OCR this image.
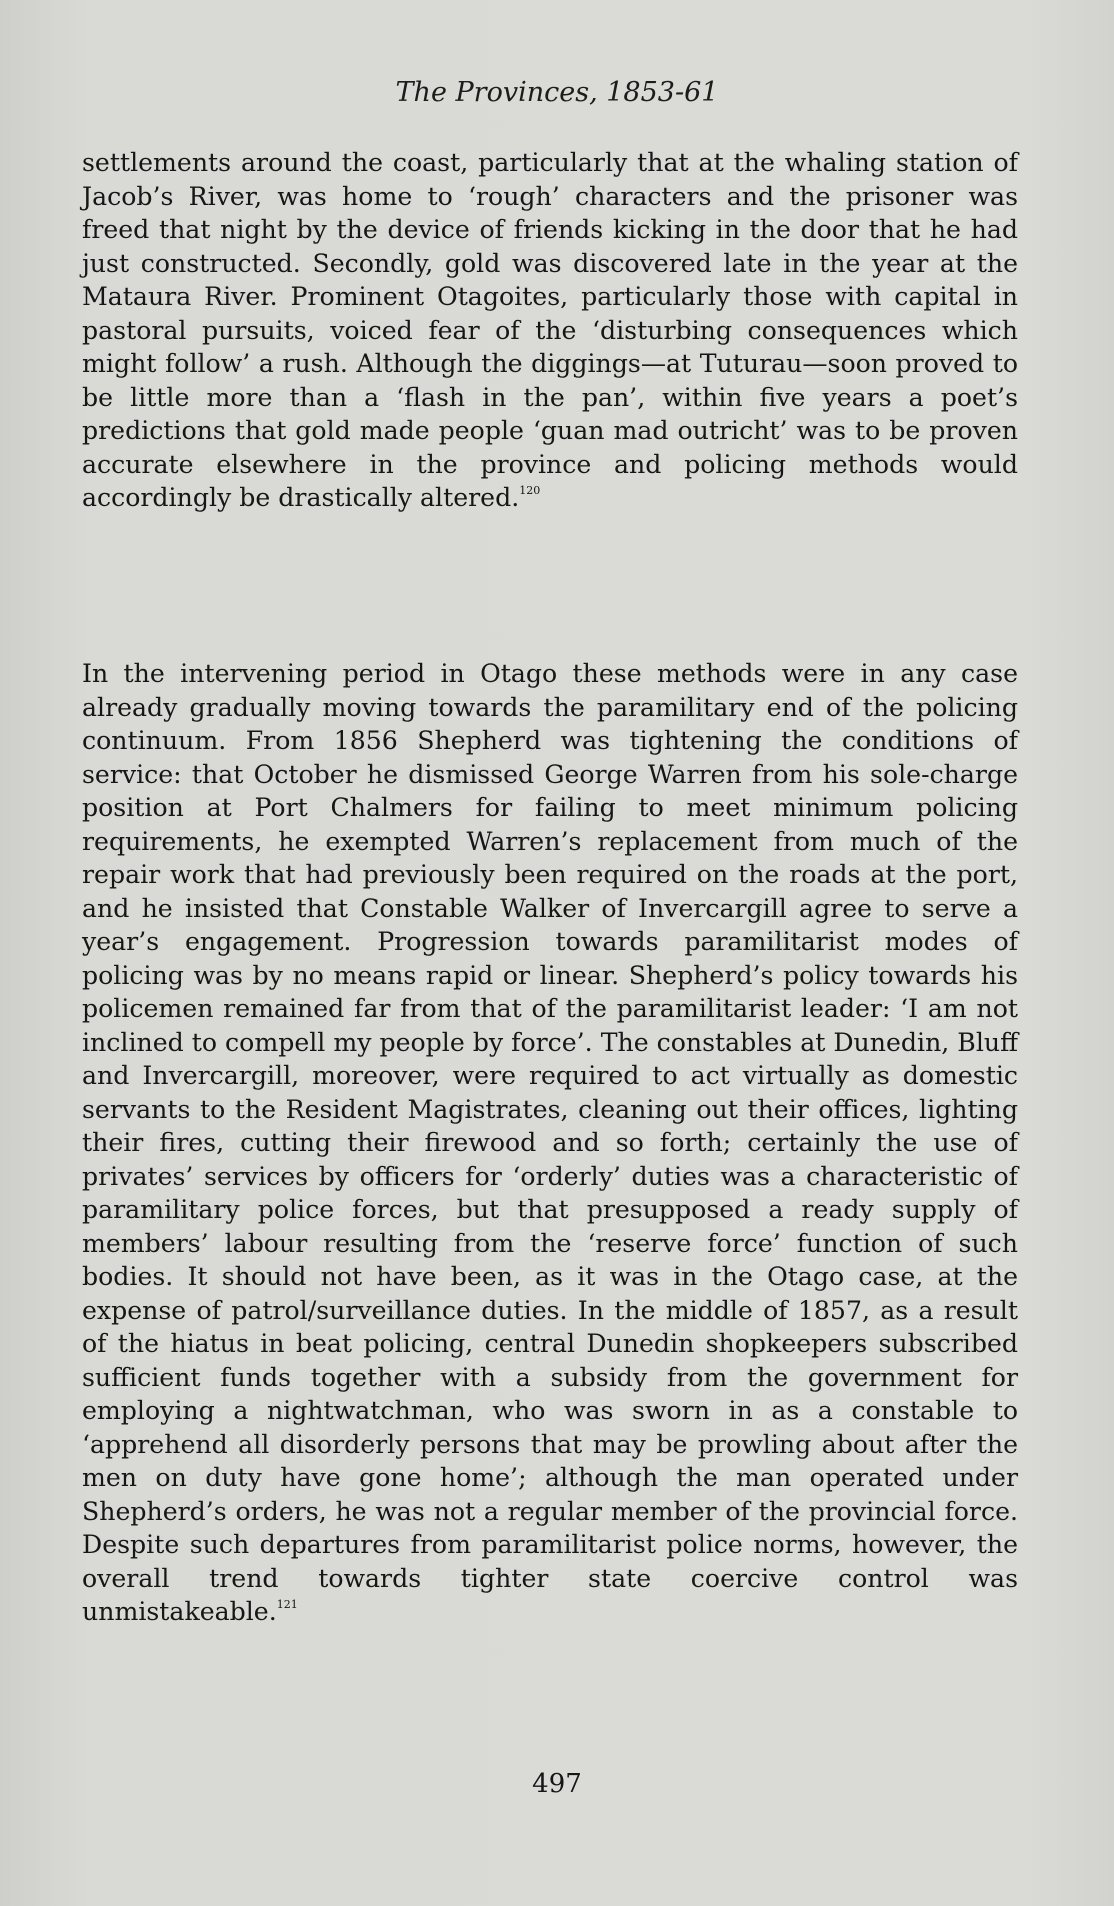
The Provinces, 1853-61

settlements around the coast, particularly that at the whaling station of Jacob’s River, was home to ‘rough’ characters and the prisoner was freed that night by the device of friends kicking in the door that he had just constructed. Secondly, gold was discovered late in the year at the Mataura River. Prominent Otagoites, particularly those with capital in pastoral pursuits, voiced fear of the ‘disturbing consequences which might follow’ a rush. Although the diggings—at Tuturau—soon proved to be little more than a ‘flash in the pan’, within five years a poet’s predictions that gold made people ‘guan mad outricht’ was to be proven accurate elsewhere in the province and policing methods would accordingly be drastically altered.$^{120}$

In the intervening period in Otago these methods were in any case already gradually moving towards the paramilitary end of the policing continuum. From 1856 Shepherd was tightening the conditions of service: that October he dismissed George Warren from his sole-charge position at Port Chalmers for failing to meet minimum policing requirements, he exempted Warren’s replacement from much of the repair work that had previously been required on the roads at the port, and he insisted that Constable Walker of Invercargill agree to serve a year’s engagement. Progression towards paramilitarist modes of policing was by no means rapid or linear. Shepherd’s policy towards his policemen remained far from that of the paramilitarist leader: ‘I am not inclined to compell my people by force’. The constables at Dunedin, Bluff and Invercargill, moreover, were required to act virtually as domestic servants to the Resident Magistrates, cleaning out their offices, lighting their fires, cutting their firewood and so forth; certainly the use of privates’ services by officers for ‘orderly’ duties was a characteristic of paramilitary police forces, but that presupposed a ready supply of members’ labour resulting from the ‘reserve force’ function of such bodies. It should not have been, as it was in the Otago case, at the expense of patrol/surveillance duties. In the middle of 1857, as a result of the hiatus in beat policing, central Dunedin shopkeepers subscribed sufficient funds together with a subsidy from the government for employing a nightwatchman, who was sworn in as a constable to ‘apprehend all disorderly persons that may be prowling about after the men on duty have gone home’; although the man operated under Shepherd’s orders, he was not a regular member of the provincial force. Despite such departures from paramilitarist police norms, however, the overall trend towards tighter state coercive control was unmistakeable.$^{121}$

497
